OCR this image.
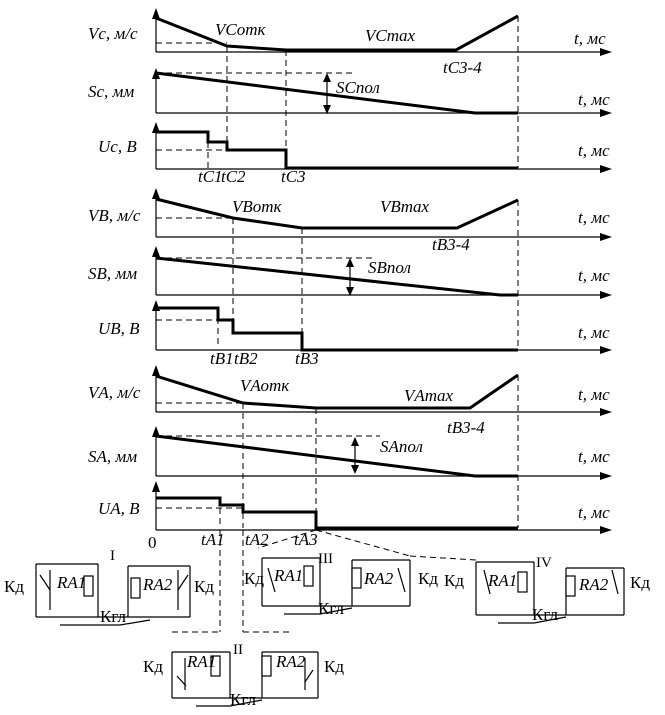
Vс, м/с
Sс, мм
Uс, В
VВ, м/с
SВ, мм
UВ, В
VА, м/с
SА, мм
UА, В
t, мс
t, мс
t, мс
t, мс
t, мс
t, мс
t, мс
t, мс
t, мс
0
VCотк	VCmax
tC3-4
SCпол
tC1
tC2 tC3
VВотк	VВmax
tВ3-4
SВпол
tВ1 tВ2 tВ3
VАотк
VАmax
tВ3-4
SАпол
tА1 tА2 tА3
I
Кд RА1	RА2 Кд
Кгл
II
Кд RА1	RА2 Кд
Кгл
III
Кд RА1	RА2 Кд
Кгл
IV
Кд RА1	RА2 Кд
Кгл
